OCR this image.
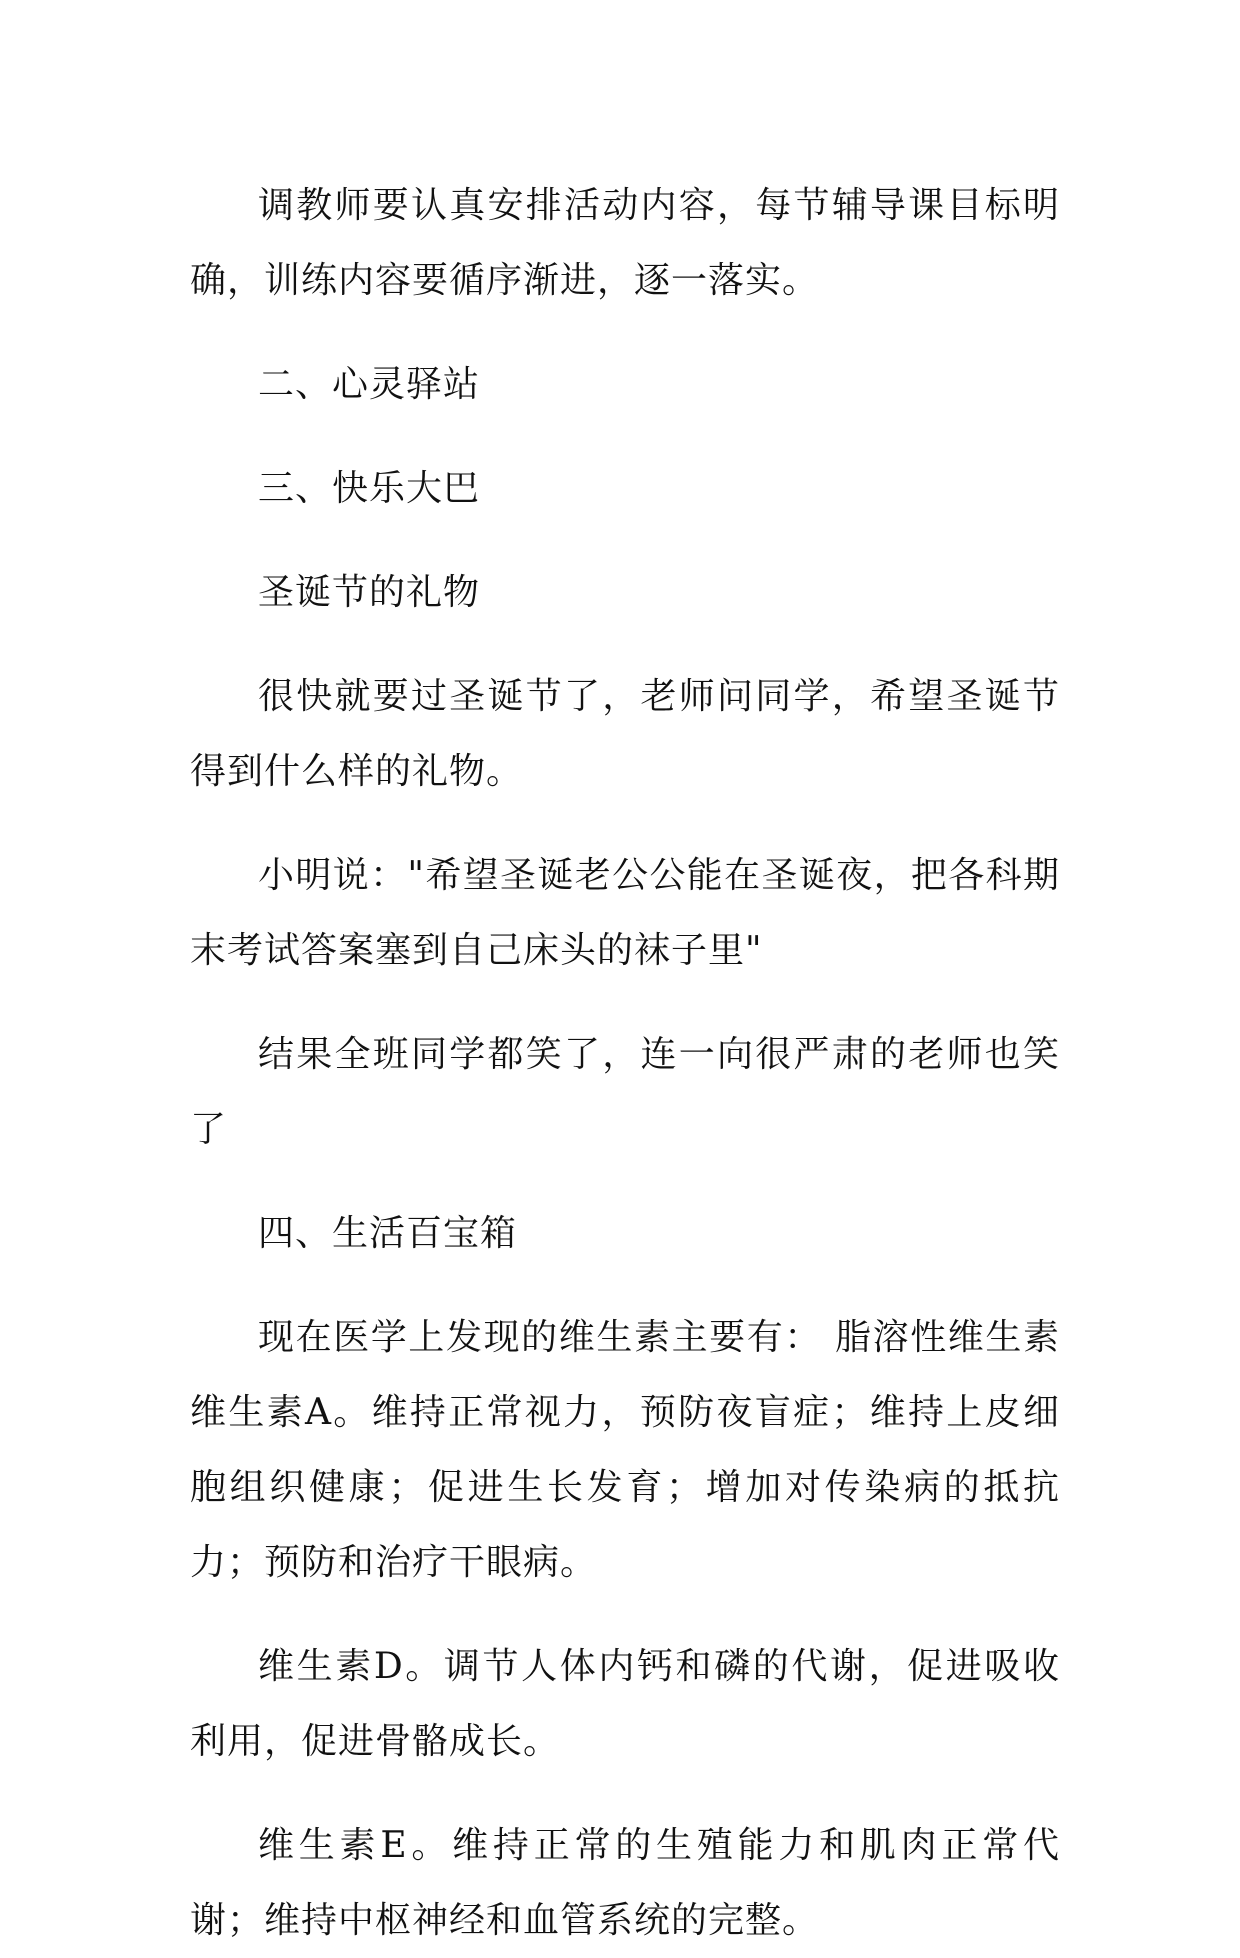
调教师要认真安排活动内容，每节辅导课目标明确，训练内容要循序渐进，逐一落实。

二、心灵驿站

三、快乐大巴

圣诞节的礼物

很快就要过圣诞节了，老师问同学，希望圣诞节得到什么样的礼物。

小明说："希望圣诞老公公能在圣诞夜，把各科期末考试答案塞到自己床头的袜子里"

结果全班同学都笑了，连一向很严肃的老师也笑了

四、生活百宝箱

现在医学上发现的维生素主要有： 脂溶性维生素 维生素A。维持正常视力，预防夜盲症；维持上皮细胞组织健康；促进生长发育；增加对传染病的抵抗力；预防和治疗干眼病。

维生素D。调节人体内钙和磷的代谢，促进吸收利用，促进骨骼成长。

维生素E。维持正常的生殖能力和肌肉正常代谢；维持中枢神经和血管系统的完整。
